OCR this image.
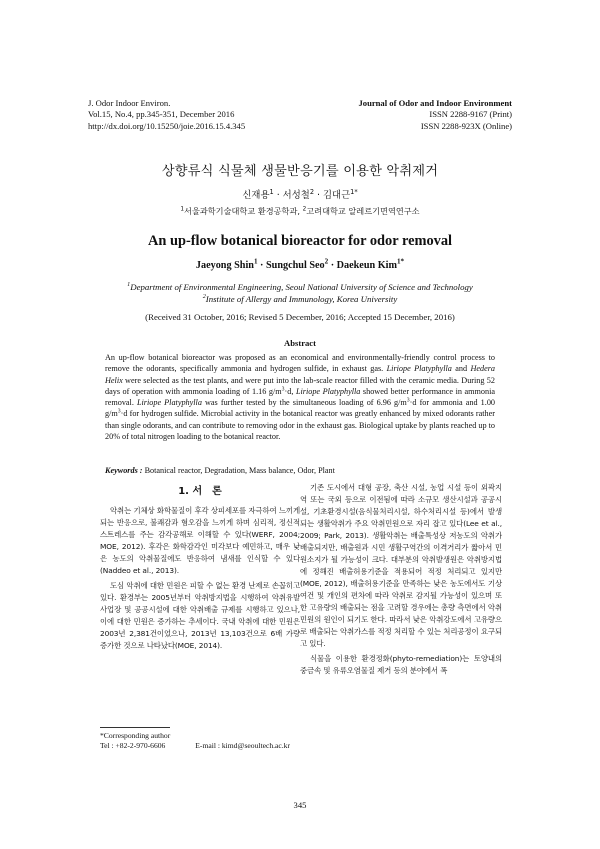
J. Odor Indoor Environ.
Vol.15, No.4, pp.345-351, December 2016
http://dx.doi.org/10.15250/joie.2016.15.4.345
Journal of Odor and Indoor Environment
ISSN 2288-9167 (Print)
ISSN 2288-923X (Online)
상향류식 식물체 생물반응기를 이용한 악취제거
신재용$^1$ · 서성철$^2$ · 김대근$^{1*}$
$^1$서울과학기술대학교 환경공학과, $^2$고려대학교 알레르기면역연구소
An up-flow botanical bioreactor for odor removal
Jaeyong Shin$^1$ · Sungchul Seo$^2$ · Daekeun Kim$^{1*}$
$^1$Department of Environmental Engineering, Seoul National University of Science and Technology
$^2$Institute of Allergy and Immunology, Korea University
(Received 31 October, 2016; Revised 5 December, 2016; Accepted 15 December, 2016)
Abstract

An up-flow botanical bioreactor was proposed as an economical and environmentally-friendly control process to remove the odorants, specifically ammonia and hydrogen sulfide, in exhaust gas. Liriope Platyphylla and Hedera Helix were selected as the test plants, and were put into the lab-scale reactor filled with the ceramic media. During 52 days of operation with ammonia loading of 1.16 $g/m^3\cdot d$, Liriope Platyphylla showed better performance in ammonia removal. Liriope Platyphylla was further tested by the simultaneous loading of 6.96 $g/m^3\cdot d$ for ammonia and 1.00 $g/m^3\cdot d$ for hydrogen sulfide. Microbial activity in the botanical reactor was greatly enhanced by mixed odorants rather than single odorants, and can contribute to removing odor in the exhaust gas. Biological uptake by plants reached up to 20% of total nitrogen loading to the botanical reactor.

Keywords : Botanical reactor, Degradation, Mass balance, Odor, Plant
1. 서　론

악취는 기체상 화학물질이 후각 상피세포를 자극하여 느끼게 되는 반응으로, 불쾌감과 혐오감을 느끼게 하며 심리적, 정신적 스트레스를 주는 감각공해로 이해할 수 있다(WERF, 2004; MOE, 2012). 후각은 화학감각인 미각보다 예민하고, 매우 낮은 농도의 악취물질에도 반응하여 냄새를 인식할 수 있다(Naddeo et al., 2013).

도심 악취에 대한 민원은 피할 수 없는 환경 난제로 손꼽히고 있다. 환경부는 2005년부터 악취방지법을 시행하여 악취유발 사업장 및 공공시설에 대한 악취배출 규제를 시행하고 있으나, 이에 대한 민원은 증가하는 추세이다. 국내 악취에 대한 민원은 2003년 2,381건이었으나, 2013년 13,103건으로 6배 가량 증가한 것으로 나타났다(MOE, 2014).

기존 도시에서 대형 공장, 축산 시설, 농업 시설 등이 외곽지역 또는 국외 등으로 이전됨에 따라 소규모 생산시설과 공공시설, 기초환경시설(음식물처리시설, 하수처리시설 등)에서 발생되는 생활악취가 주요 악취민원으로 자리 잡고 있다(Lee et al., 2009; Park, 2013). 생활악취는 배출특성상 저농도의 악취가 배출되지만, 배출원과 시민 생활구역간의 이격거리가 짧아서 민원소지가 될 가능성이 크다. 대부분의 악취발생원은 악취방지법에 정해진 배출허용기준을 적용되어 적정 처리되고 있지만(MOE, 2012), 배출허용기준을 만족하는 낮은 농도에서도 기상여건 및 개인의 편차에 따라 악취로 감지될 가능성이 있으며 또한 고유량의 배출되는 점을 고려할 경우에는 총량 측면에서 악취 민원의 원인이 되기도 한다. 따라서 낮은 악취강도에서 고유량으로 배출되는 악취가스를 적정 처리할 수 있는 처리공정이 요구되고 있다.

식물을 이용한 환경정화(phyto-remediation)는 토양내의 중금속 및 유류오염물질 제거 등의 분야에서 폭

*Corresponding author
Tel : +82-2-970-6606	E-mail : kimd@seoultech.ac.kr
345
